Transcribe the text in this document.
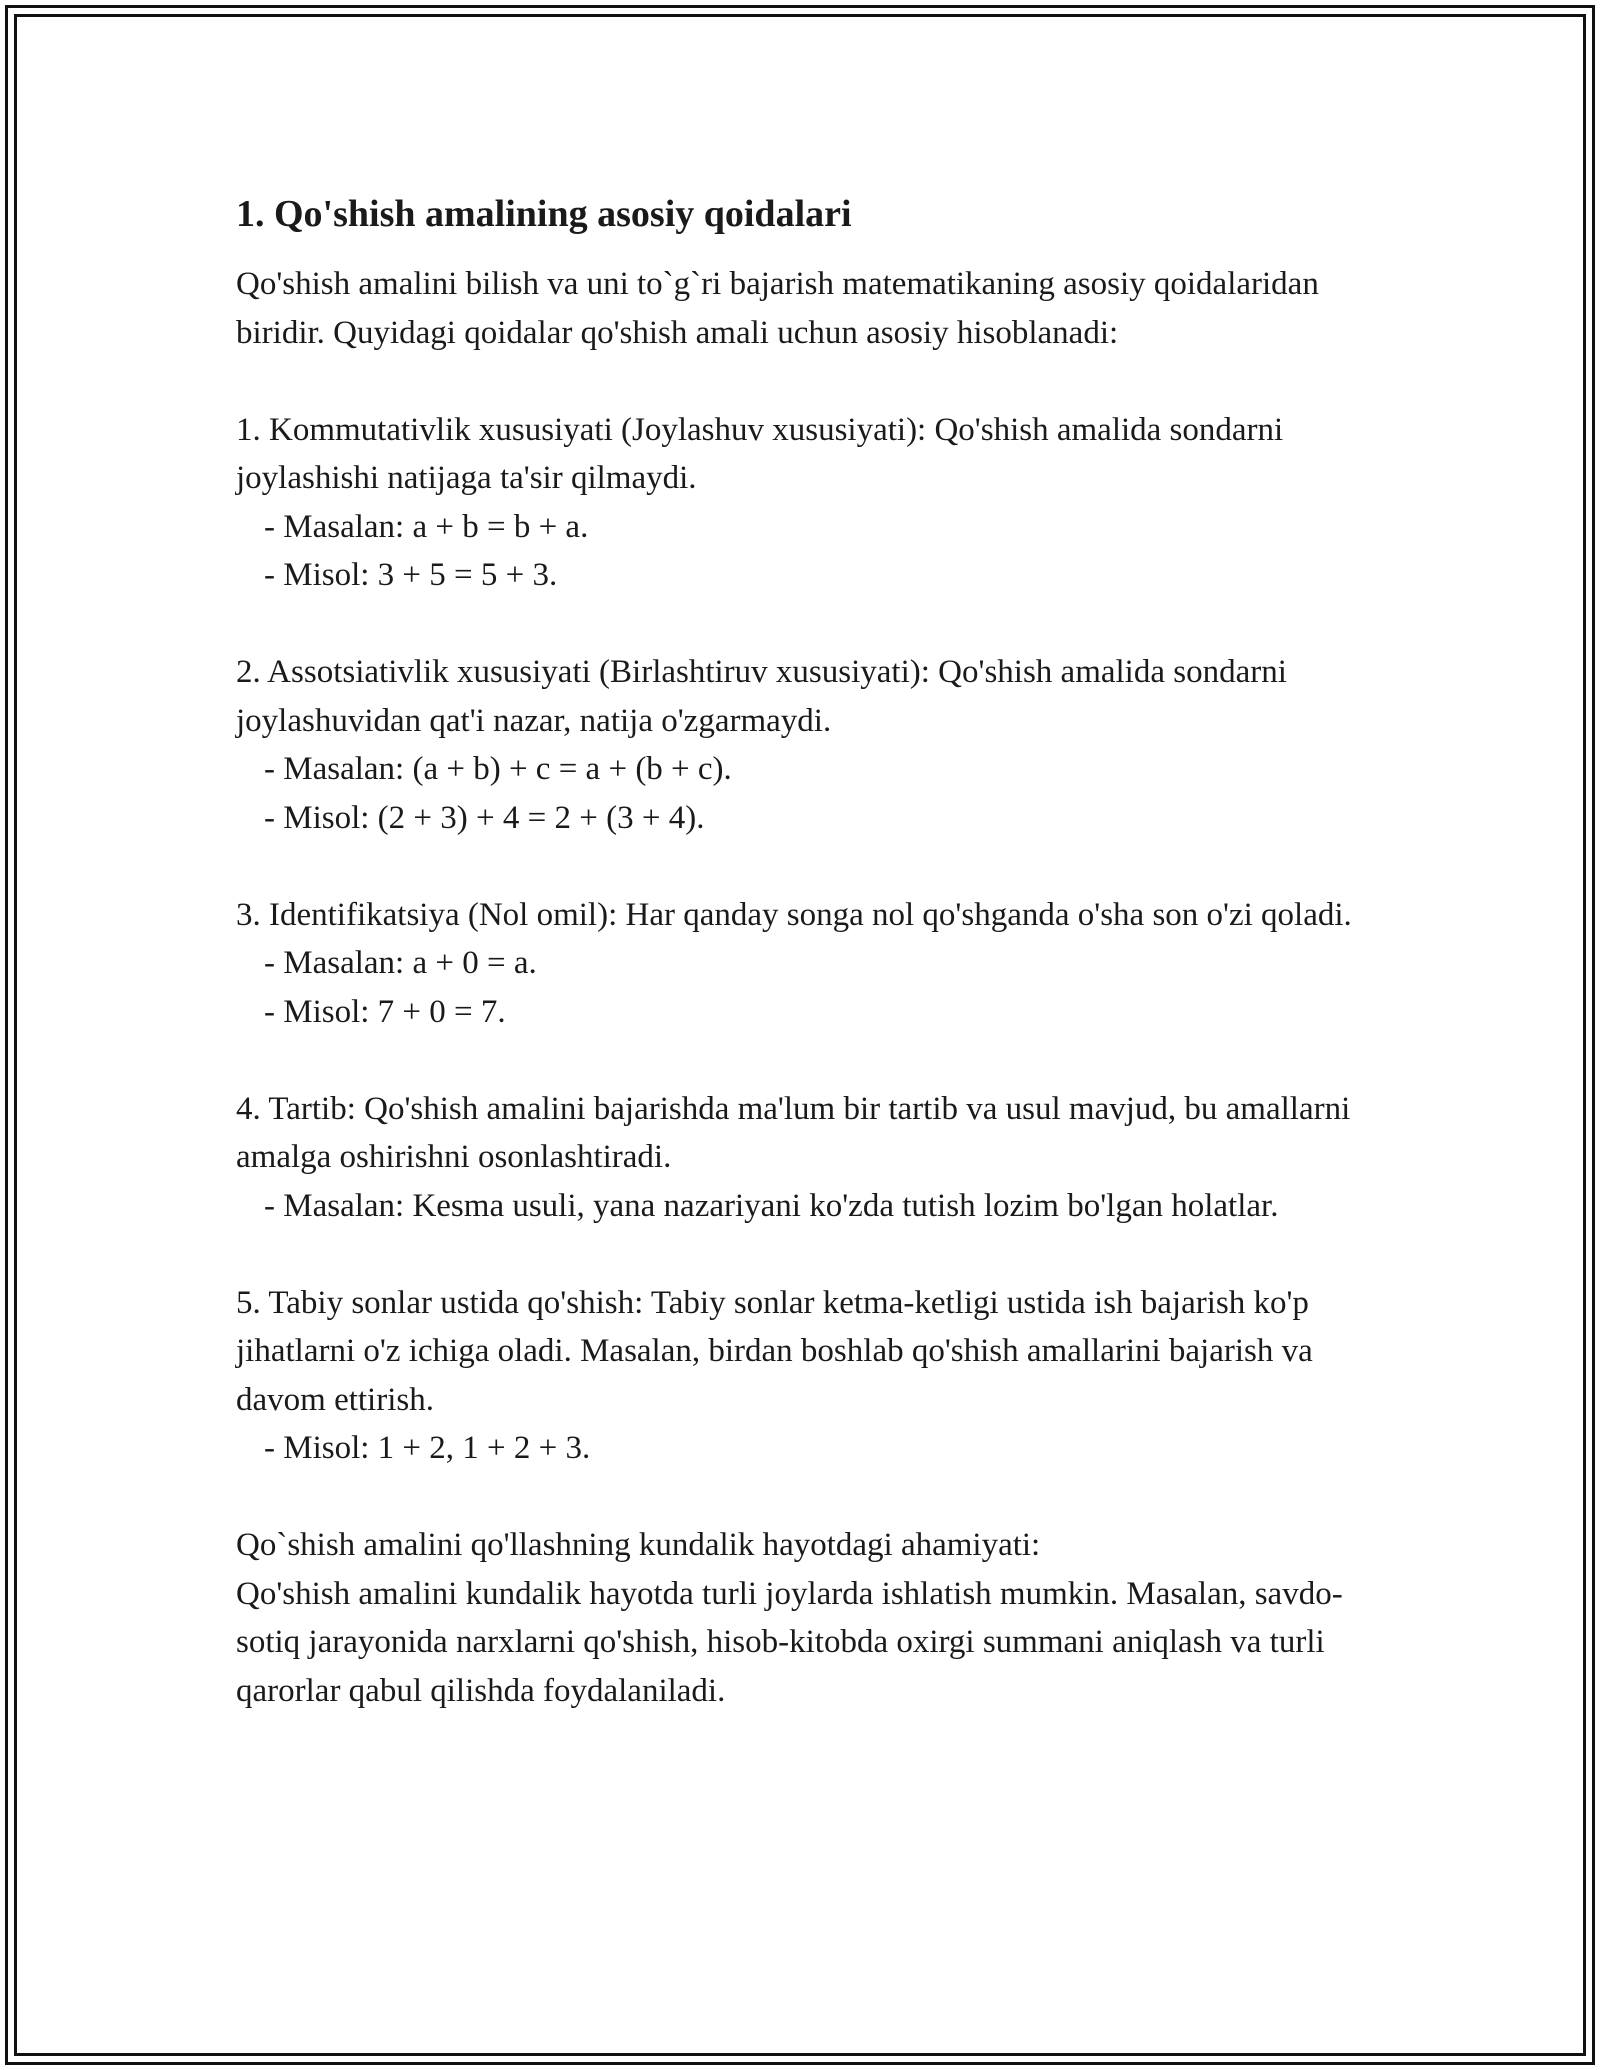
1. Qo'shish amalining asosiy qoidalari

Qo'shish amalini bilish va uni to`g`ri bajarish matematikaning asosiy qoidalaridan biridir. Quyidagi qoidalar qo'shish amali uchun asosiy hisoblanadi:

1. Kommutativlik xususiyati (Joylashuv xususiyati): Qo'shish amalida sondarni joylashishi natijaga ta'sir qilmaydi.

- Masalan: a + b = b + a.

- Misol: 3 + 5 = 5 + 3.

2. Assotsiativlik xususiyati (Birlashtiruv xususiyati): Qo'shish amalida sondarni joylashuvidan qat'i nazar, natija o'zgarmaydi.

- Masalan: (a + b) + c = a + (b + c).

- Misol: (2 + 3) + 4 = 2 + (3 + 4).

3. Identifikatsiya (Nol omil): Har qanday songa nol qo'shganda o'sha son o'zi qoladi.

- Masalan: a + 0 = a.

- Misol: 7 + 0 = 7.

4. Tartib: Qo'shish amalini bajarishda ma'lum bir tartib va usul mavjud, bu amallarni amalga oshirishni osonlashtiradi.

- Masalan: Kesma usuli, yana nazariyani ko'zda tutish lozim bo'lgan holatlar.

5. Tabiy sonlar ustida qo'shish: Tabiy sonlar ketma-ketligi ustida ish bajarish ko'p jihatlarni o'z ichiga oladi. Masalan, birdan boshlab qo'shish amallarini bajarish va davom ettirish.

- Misol: 1 + 2, 1 + 2 + 3.

Qo`shish amalini qo'llashning kundalik hayotdagi ahamiyati:

Qo'shish amalini kundalik hayotda turli joylarda ishlatish mumkin. Masalan, savdo-sotiq jarayonida narxlarni qo'shish, hisob-kitobda oxirgi summani aniqlash va turli qarorlar qabul qilishda foydalaniladi.
